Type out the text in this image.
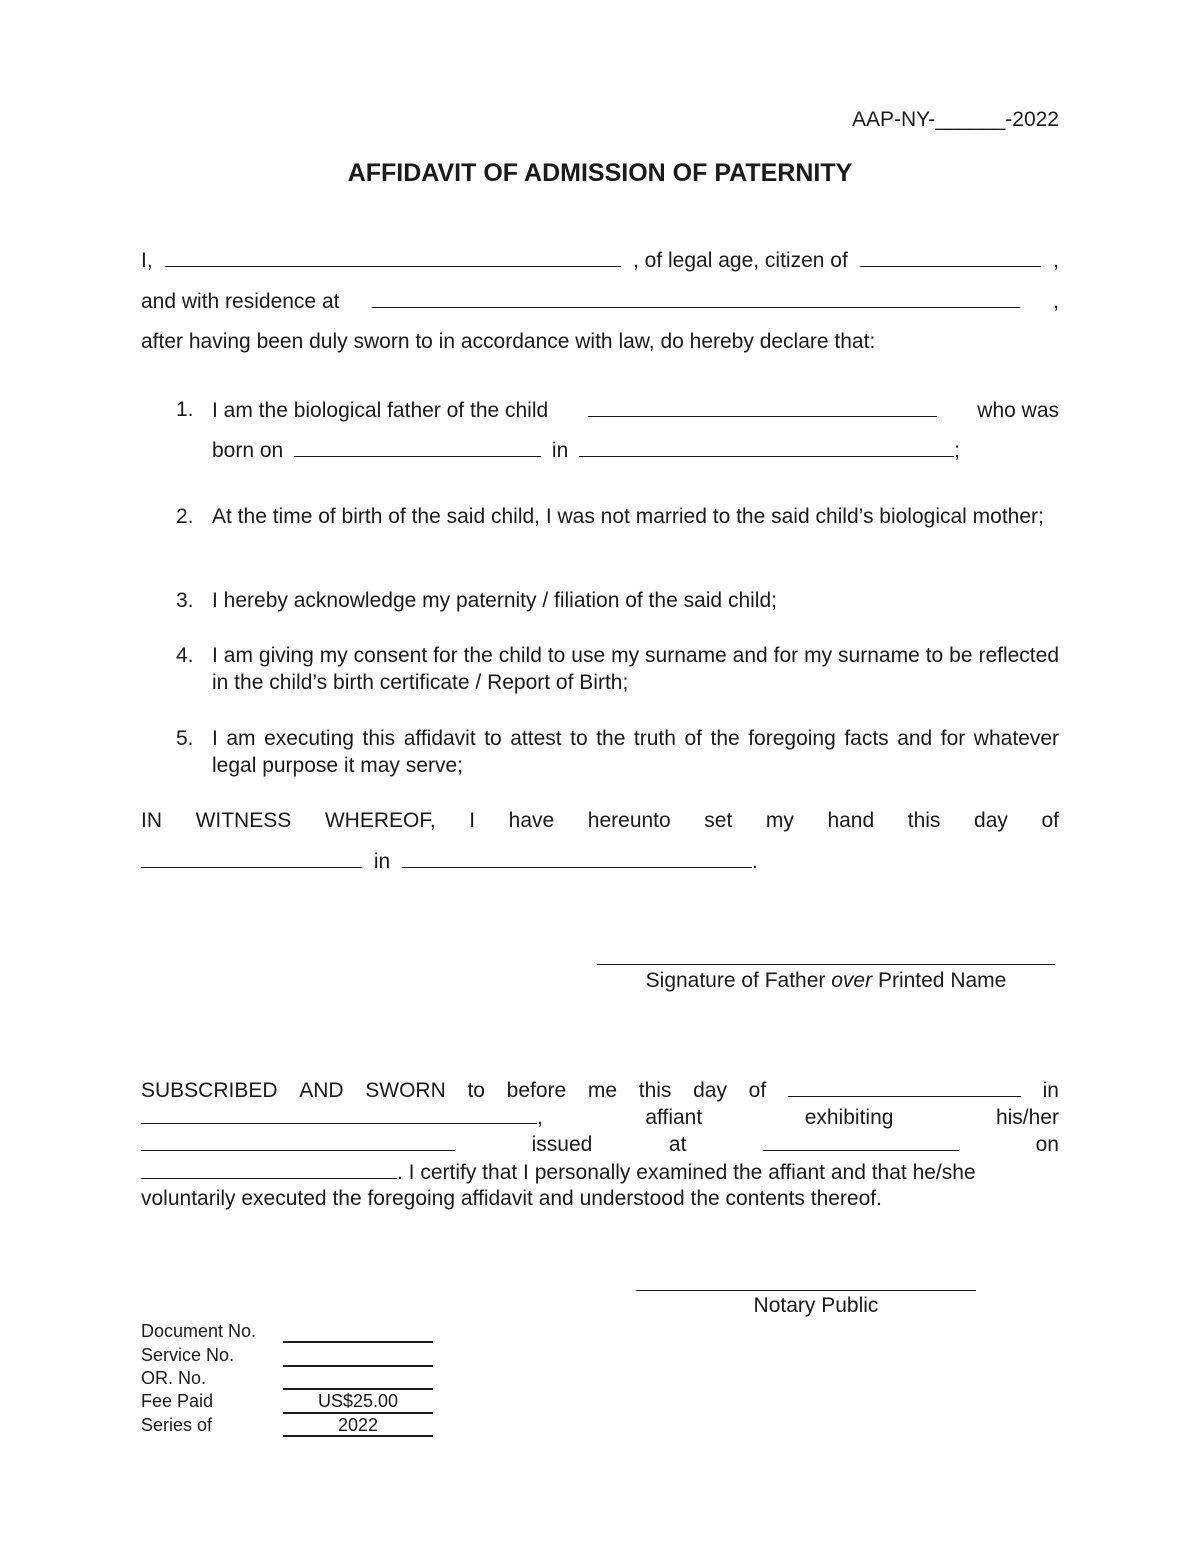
AAP-NY-______-2022
AFFIDAVIT OF ADMISSION OF PATERNITY
I,	, of legal age, citizen of	,
and with residence at	,
after having been duly sworn to in accordance with law, do hereby declare that:
1. I am the biological father of the child	who was
born on	in	;
2. At the time of birth of the said child, I was not married to the said child’s biological mother;
3. I hereby acknowledge my paternity / filiation of the said child;
4. I am giving my consent for the child to use my surname and for my surname to be reflected in the child’s birth certificate / Report of Birth;
5. I am executing this affidavit to attest to the truth of the foregoing facts and for whatever legal purpose it may serve;
IN WITNESS WHEREOF, I have hereunto set my hand this day of
in	.
Signature of Father over Printed Name
SUBSCRIBED AND SWORN to before me this day of	in
,	affiant	exhibiting	his/her
issued	at	on
. I certify that I personally examined the affiant and that he/she
voluntarily executed the foregoing affidavit and understood the contents thereof.
Notary Public
Document No.
Service No.
OR. No.
Fee Paid	US$25.00
Series of	2022
